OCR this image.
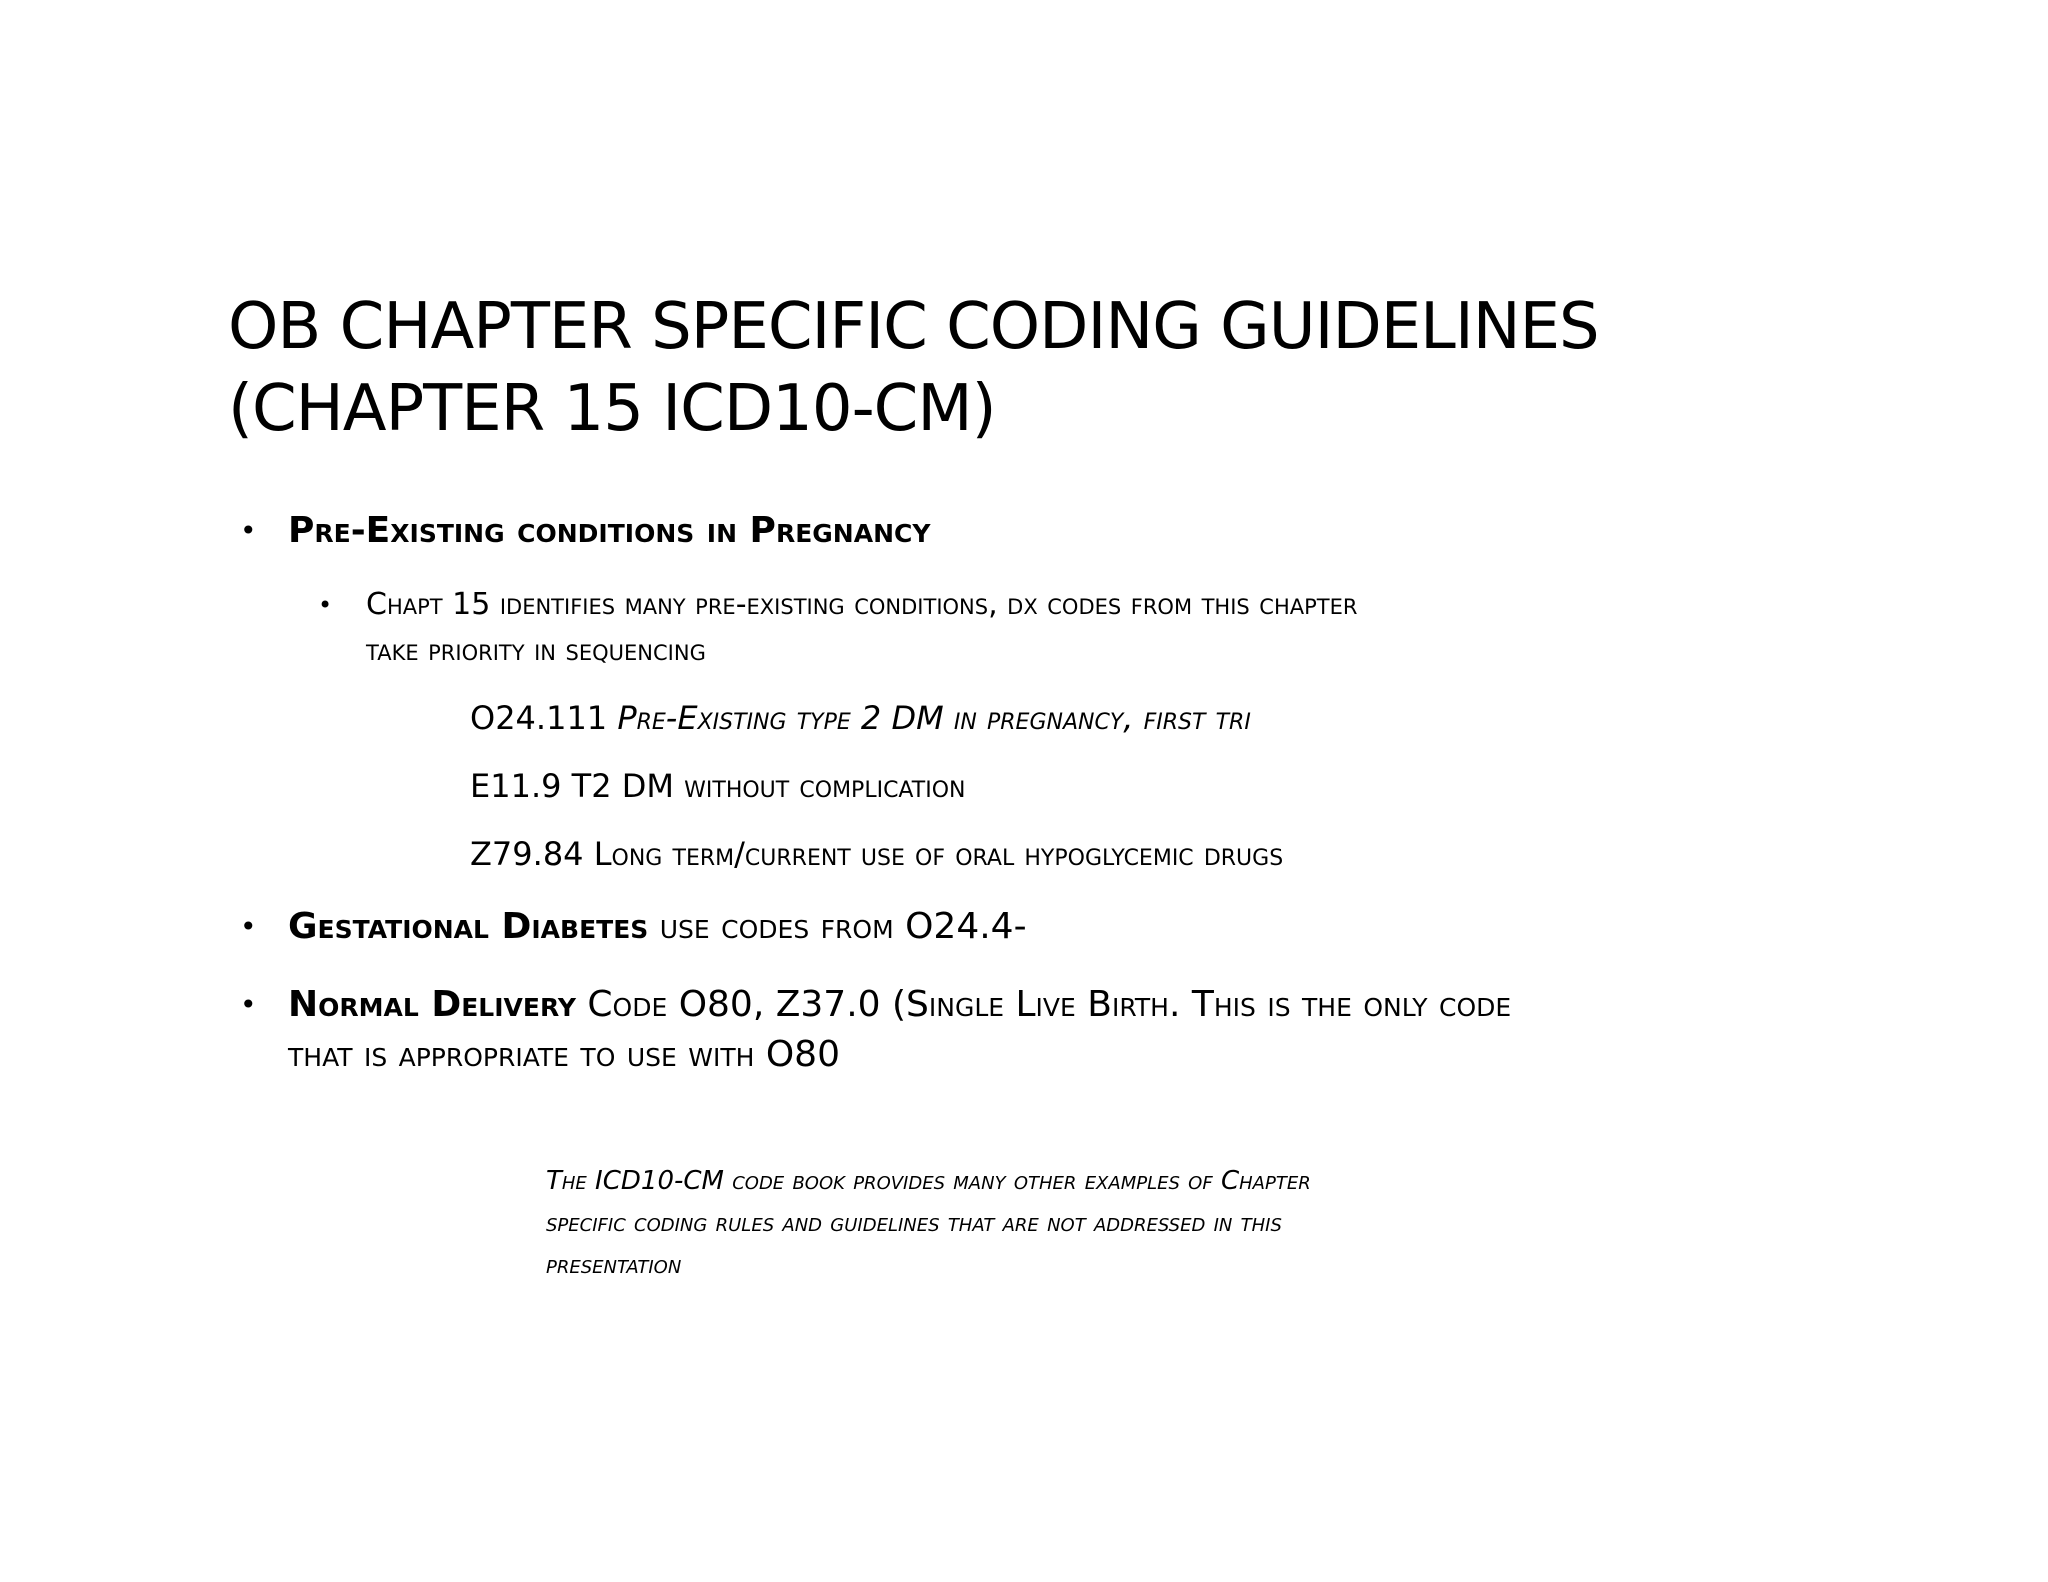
OB CHAPTER SPECIFIC CODING GUIDELINES
(CHAPTER 15 ICD10-CM)
• Pre-Existing conditions in Pregnancy
• Chapt 15 identifies many pre-existing conditions, dx codes from this chapter
take priority in sequencing
O24.111 Pre-Existing type 2 DM in pregnancy, first tri
E11.9 T2 DM without complication
Z79.84 Long term/current use of oral hypoglycemic drugs
• Gestational Diabetes use codes from O24.4-
• Normal Delivery Code O80, Z37.0 (Single Live Birth. This is the only code
that is appropriate to use with O80
The ICD10-CM code book provides many other examples of Chapter
specific coding rules and guidelines that are not addressed in this
presentation
